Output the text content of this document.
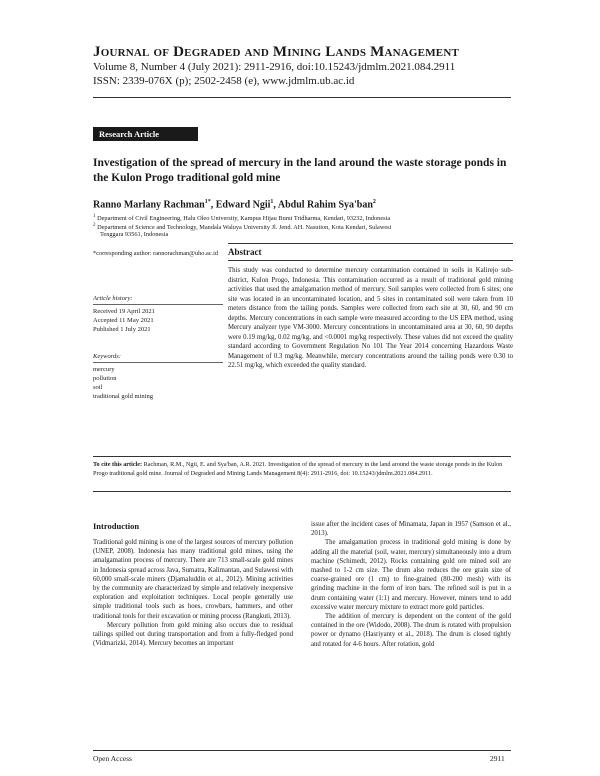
Journal of Degraded and Mining Lands Management
Volume 8, Number 4 (July 2021): 2911-2916, doi:10.15243/jdmlm.2021.084.2911
ISSN: 2339-076X (p); 2502-2458 (e), www.jdmlm.ub.ac.id
Research Article
Investigation of the spread of mercury in the land around the waste storage ponds in the Kulon Progo traditional gold mine
Ranno Marlany Rachman$^{1*}$, Edward Ngii$^1$, Abdul Rahim Sya'ban$^2$
$^1$ Department of Civil Engineering, Halu Oleo University, Kampus Hijau Bumi Tridharma, Kendari, 93232, Indonesia
$^2$ Department of Science and Technology, Mandala Waluya University Jl. Jend. AH. Nasution, Kota Kendari, Sulawesi
Tenggara 93561, Indonesia
*corresponding author: rannorachman@uho.ac.id Abstract
Article history:
Received 19 April 2021
Accepted 11 May 2021
Published 1 July 2021
Keywords:
mercury
pollution
soil
traditional gold mining
This study was conducted to determine mercury contamination contained in soils in Kalirejo sub-district, Kulon Progo, Indonesia. This contamination occurred as a result of traditional gold mining activities that used the amalgamation method of mercury. Soil samples were collected from 6 sites; one site was located in an uncontaminated location, and 5 sites in contaminated soil were taken from 10 meters distance from the tailing ponds. Samples were collected from each site at 30, 60, and 90 cm depths. Mercury concentrations in each sample were measured according to the US EPA method, using Mercury analyzer type VM-3000. Mercury concentrations in uncontaminated area at 30, 60, 90 depths were 0.19 mg/kg, 0.02 mg/kg, and <0.0001 mg/kg respectively. These values did not exceed the quality standard according to Government Regulation No 101 The Year 2014 concerning Hazardous Waste Management of 0.3 mg/kg. Meanwhile, mercury concentrations around the tailing ponds were 0.30 to 22.51 mg/kg, which exceeded the quality standard.
To cite this article: Rachman, R.M., Ngii, E. and Sya'ban, A.R. 2021. Investigation of the spread of mercury in the land around the waste storage ponds in the Kulon Progo traditional gold mine. Journal of Degraded and Mining Lands Management 8(4): 2911-2916, doi: 10.15243/jdmlm.2021.084.2911.
Introduction

Traditional gold mining is one of the largest sources of mercury pollution (UNEP, 2008). Indonesia has many traditional gold mines, using the amalgamation process of mercury. There are 713 small-scale gold mines in Indonesia spread across Java, Sumatra, Kalimantan, and Sulawesi with 60,000 small-scale miners (Djamaluddin et al., 2012). Mining activities by the community are characterized by simple and relatively inexpensive exploration and exploitation techniques. Local people generally use simple traditional tools such as hoes, crowbars, hammers, and other traditional tools for their excavation or mining process (Rangkuti, 2013).

Mercury pollution from gold mining also occurs due to residual tailings spilled out during transportation and from a fully-fledged pond (Vidmarizki, 2014). Mercury becomes an important

issue after the incident cases of Minamata, Japan in 1957 (Samson et al., 2013).

The amalgamation process in traditional gold mining is done by adding all the material (soil, water, mercury) simultaneously into a drum machine (Schimedt, 2012). Rocks containing gold ore mined soil are mashed to 1-2 cm size. The drum also reduces the ore grain size of coarse-grained ore (1 cm) to fine-grained (80-200 mesh) with its grinding machine in the form of iron bars. The refined soil is put in a drum containing water (1:1) and mercury. However, miners tend to add excessive water mercury mixture to extract more gold particles.

The addition of mercury is dependent on the content of the gold contained in the ore (Widodo, 2008). The drum is rotated with propulsion power or dynamo (Hasriyanty et al., 2018). The drum is closed tightly and rotated for 4-6 hours. After rotation, gold

Open Access	2911
